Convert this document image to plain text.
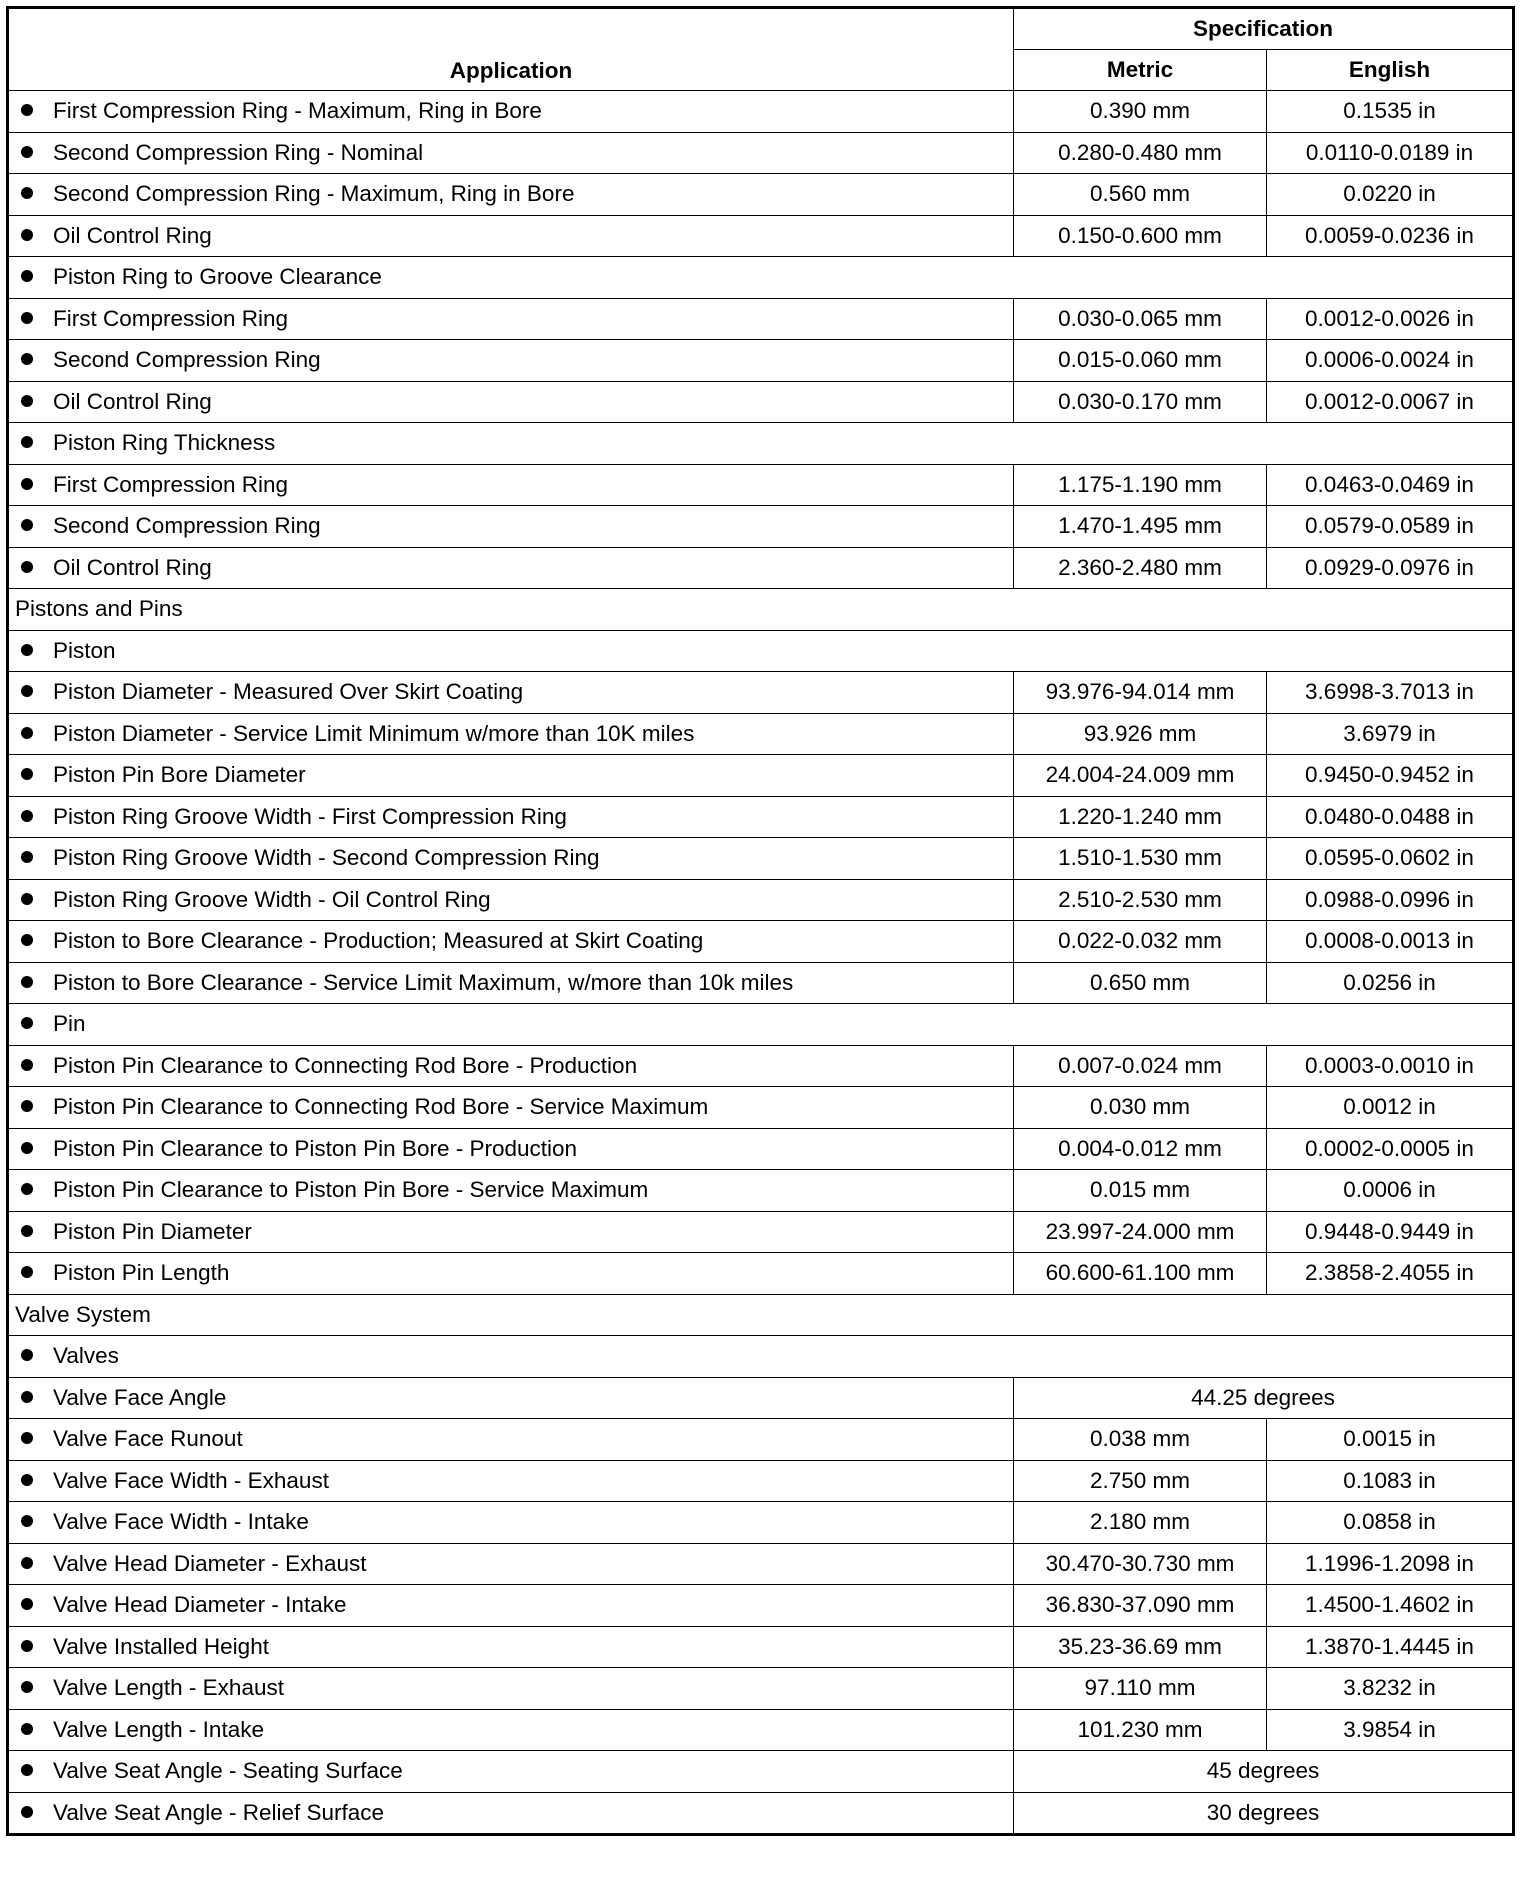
Application	Specification	
	Metric	English
First Compression Ring - Maximum, Ring in Bore	0.390 mm	0.1535 in
Second Compression Ring - Nominal	0.280-0.480 mm	0.0110-0.0189 in
Second Compression Ring - Maximum, Ring in Bore	0.560 mm	0.0220 in
Oil Control Ring	0.150-0.600 mm	0.0059-0.0236 in
Piston Ring to Groove Clearance		
First Compression Ring	0.030-0.065 mm	0.0012-0.0026 in
Second Compression Ring	0.015-0.060 mm	0.0006-0.0024 in
Oil Control Ring	0.030-0.170 mm	0.0012-0.0067 in
Piston Ring Thickness		
First Compression Ring	1.175-1.190 mm	0.0463-0.0469 in
Second Compression Ring	1.470-1.495 mm	0.0579-0.0589 in
Oil Control Ring	2.360-2.480 mm	0.0929-0.0976 in
Pistons and Pins		
Piston		
Piston Diameter - Measured Over Skirt Coating	93.976-94.014 mm	3.6998-3.7013 in
Piston Diameter - Service Limit Minimum w/more than 10K miles	93.926 mm	3.6979 in
Piston Pin Bore Diameter	24.004-24.009 mm	0.9450-0.9452 in
Piston Ring Groove Width - First Compression Ring	1.220-1.240 mm	0.0480-0.0488 in
Piston Ring Groove Width - Second Compression Ring	1.510-1.530 mm	0.0595-0.0602 in
Piston Ring Groove Width - Oil Control Ring	2.510-2.530 mm	0.0988-0.0996 in
Piston to Bore Clearance - Production; Measured at Skirt Coating	0.022-0.032 mm	0.0008-0.0013 in
Piston to Bore Clearance - Service Limit Maximum, w/more than 10k miles	0.650 mm	0.0256 in
Pin		
Piston Pin Clearance to Connecting Rod Bore - Production	0.007-0.024 mm	0.0003-0.0010 in
Piston Pin Clearance to Connecting Rod Bore - Service Maximum	0.030 mm	0.0012 in
Piston Pin Clearance to Piston Pin Bore - Production	0.004-0.012 mm	0.0002-0.0005 in
Piston Pin Clearance to Piston Pin Bore - Service Maximum	0.015 mm	0.0006 in
Piston Pin Diameter	23.997-24.000 mm	0.9448-0.9449 in
Piston Pin Length	60.600-61.100 mm	2.3858-2.4055 in
Valve System		
Valves		
Valve Face Angle	44.25 degrees	
Valve Face Runout	0.038 mm	0.0015 in
Valve Face Width - Exhaust	2.750 mm	0.1083 in
Valve Face Width - Intake	2.180 mm	0.0858 in
Valve Head Diameter - Exhaust	30.470-30.730 mm	1.1996-1.2098 in
Valve Head Diameter - Intake	36.830-37.090 mm	1.4500-1.4602 in
Valve Installed Height	35.23-36.69 mm	1.3870-1.4445 in
Valve Length - Exhaust	97.110 mm	3.8232 in
Valve Length - Intake	101.230 mm	3.9854 in
Valve Seat Angle - Seating Surface	45 degrees	
Valve Seat Angle - Relief Surface	30 degrees	
